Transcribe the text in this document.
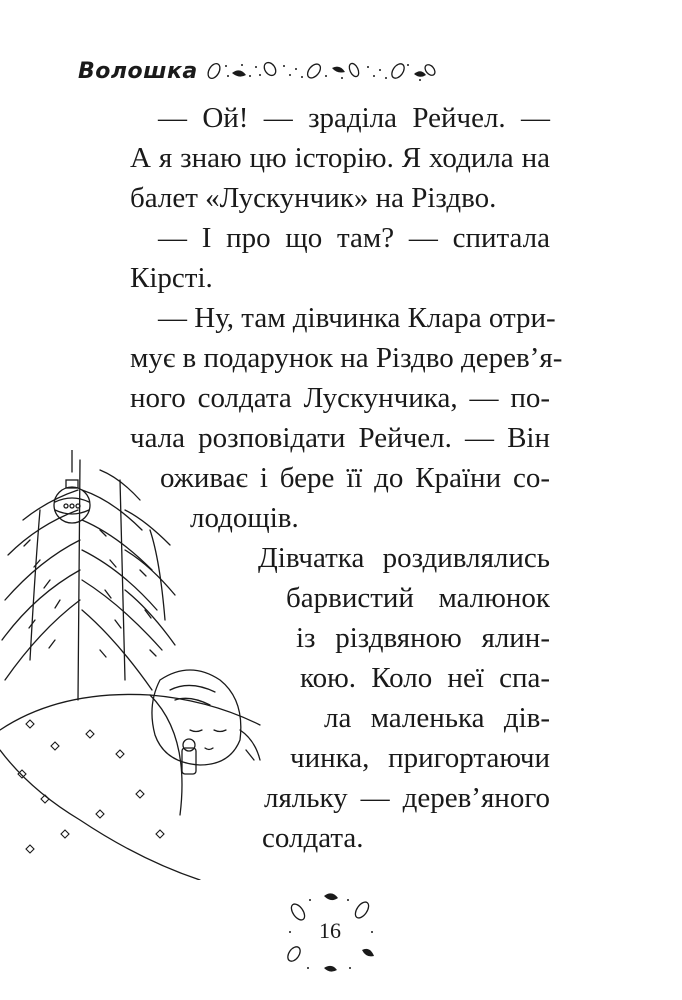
Волошка
— Ой! — зраділа Рейчел. —
А я знаю цю історію. Я ходила на
балет «Лускунчик» на Різдво.
— І про що там? — спитала
Кірсті.
— Ну, там дівчинка Клара отри-
мує в подарунок на Різдво дерев’я-
ного солдата Лускунчика, — по-
чала розповідати Рейчел. — Він
оживає і бере її до Країни со-
лодощів.
Дівчатка роздивлялись
барвистий малюнок
із різдвяною ялин-
кою. Коло неї спа-
ла маленька дів-
чинка, пригортаючи
ляльку — дерев’яного
солдата.
16
